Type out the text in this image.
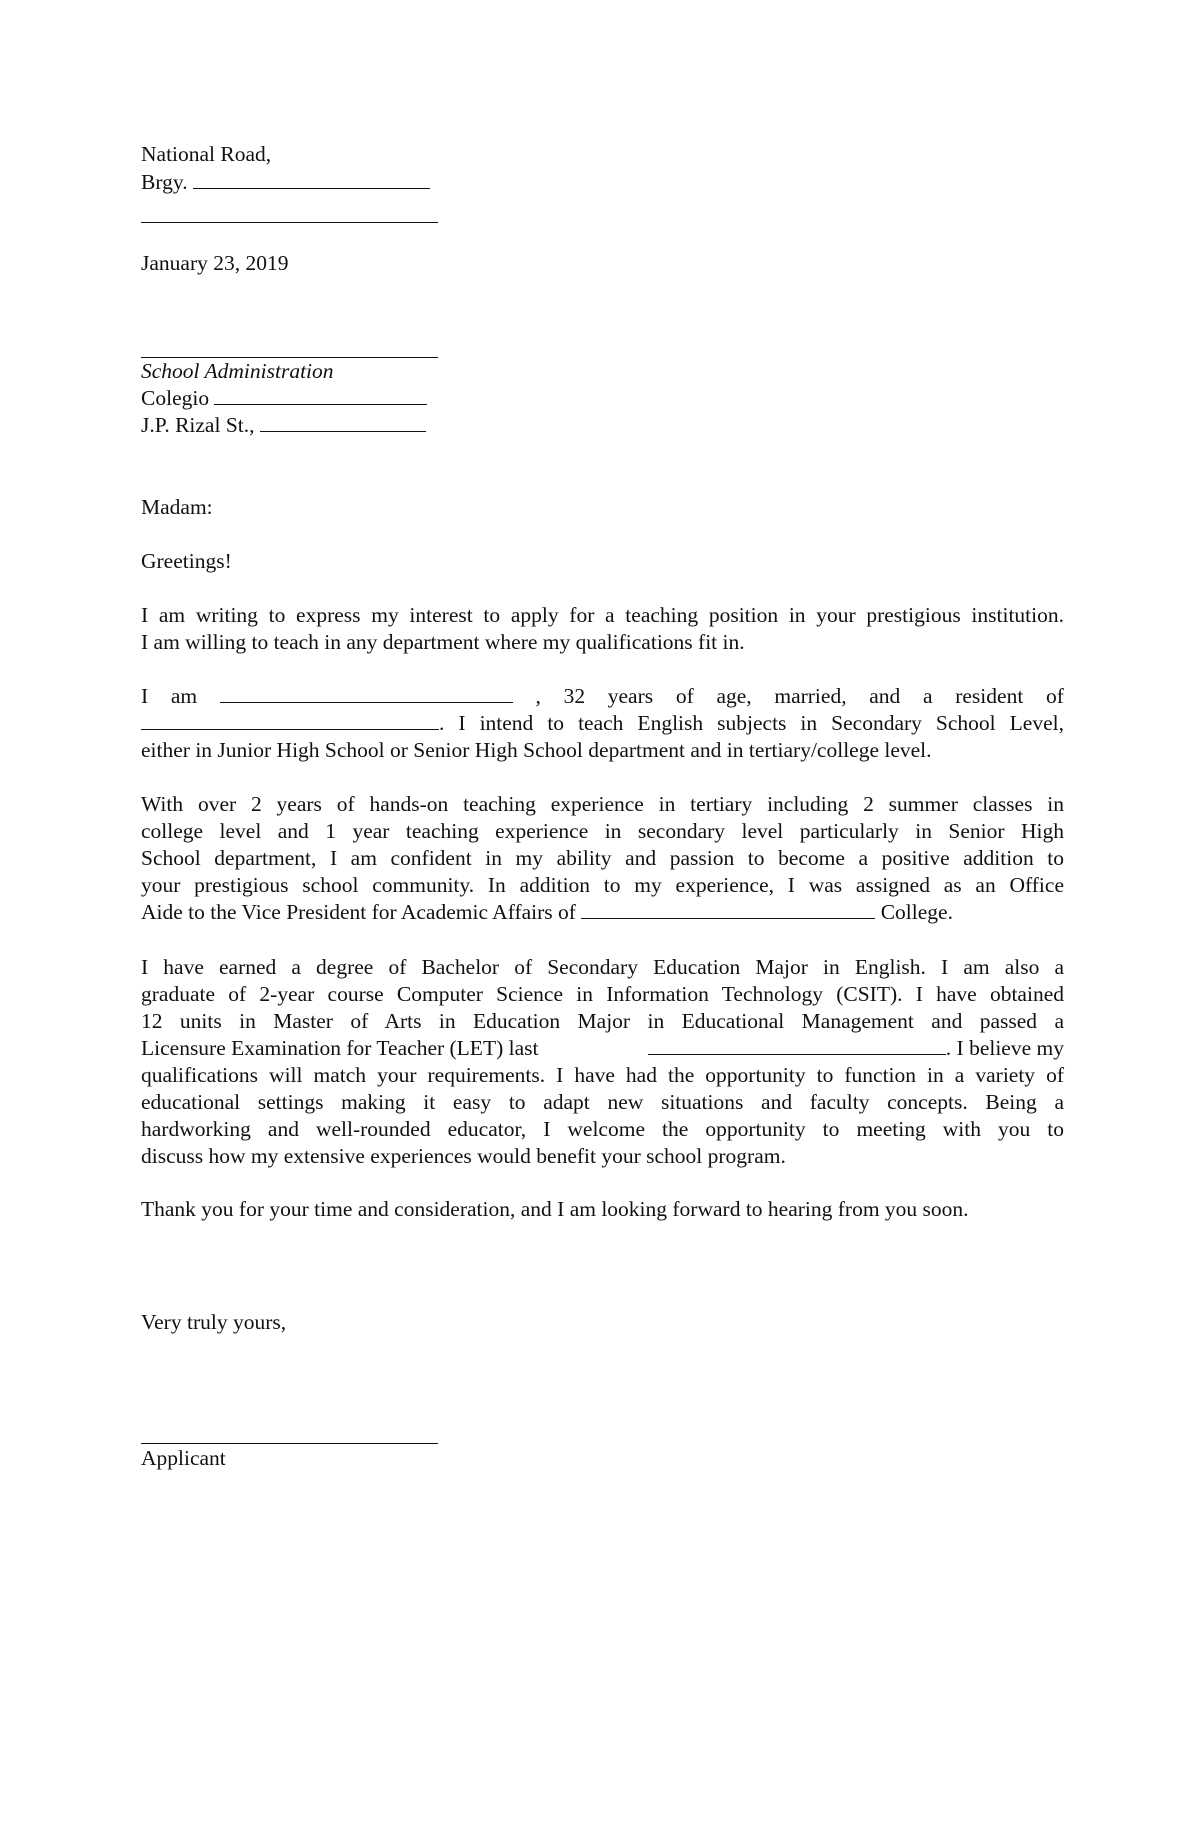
National Road,
Brgy.
January 23, 2019
School Administration
Colegio
J.P. Rizal St.,
Madam:
Greetings!
I am writing to express my interest to apply for a teaching position in your prestigious institution.
I am willing to teach in any department where my qualifications fit in.
I am	, 32 years of age, married, and a resident of
. I intend to teach English subjects in Secondary School Level,
either in Junior High School or Senior High School department and in tertiary/college level.
With over 2 years of hands-on teaching experience in tertiary including 2 summer classes in
college level and 1 year teaching experience in secondary level particularly in Senior High
School department, I am confident in my ability and passion to become a positive addition to
your prestigious school community. In addition to my experience, I was assigned as an Office
Aide to the Vice President for Academic Affairs of	College.
I have earned a degree of Bachelor of Secondary Education Major in English. I am also a
graduate of 2-year course Computer Science in Information Technology (CSIT). I have obtained
12 units in Master of Arts in Education Major in Educational Management and passed a
Licensure Examination for Teacher (LET) last	. I believe my
qualifications will match your requirements. I have had the opportunity to function in a variety of
educational settings making it easy to adapt new situations and faculty concepts. Being a
hardworking and well-rounded educator, I welcome the opportunity to meeting with you to
discuss how my extensive experiences would benefit your school program.
Thank you for your time and consideration, and I am looking forward to hearing from you soon.
Very truly yours,
Applicant
